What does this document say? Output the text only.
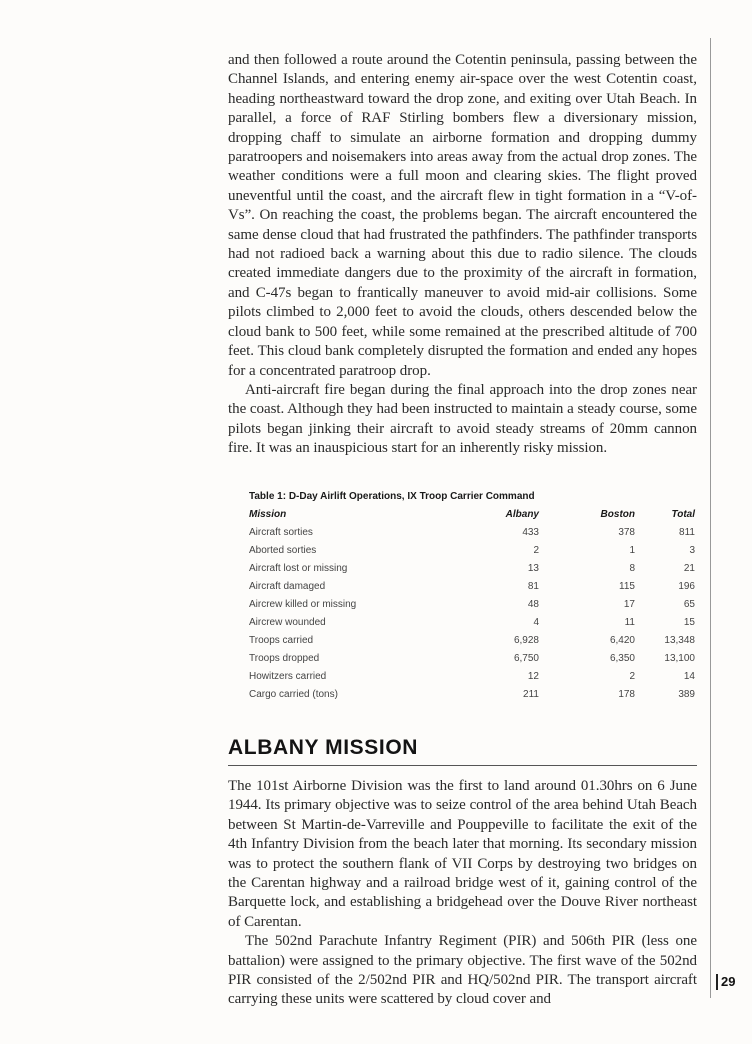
and then followed a route around the Cotentin peninsula, passing between the Channel Islands, and entering enemy air-space over the west Cotentin coast, heading northeastward toward the drop zone, and exiting over Utah Beach. In parallel, a force of RAF Stirling bombers flew a diversionary mission, dropping chaff to simulate an airborne formation and dropping dummy paratroopers and noisemakers into areas away from the actual drop zones. The weather conditions were a full moon and clearing skies. The flight proved uneventful until the coast, and the aircraft flew in tight formation in a “V-of-Vs”. On reaching the coast, the problems began. The aircraft encountered the same dense cloud that had frustrated the pathfinders. The pathfinder transports had not radioed back a warning about this due to radio silence. The clouds created immediate dangers due to the proximity of the aircraft in formation, and C-47s began to frantically maneuver to avoid mid-air collisions. Some pilots climbed to 2,000 feet to avoid the clouds, others descended below the cloud bank to 500 feet, while some remained at the prescribed altitude of 700 feet. This cloud bank completely disrupted the formation and ended any hopes for a concentrated paratroop drop.

Anti-aircraft fire began during the final approach into the drop zones near the coast. Although they had been instructed to maintain a steady course, some pilots began jinking their aircraft to avoid steady streams of 20mm cannon fire. It was an inauspicious start for an inherently risky mission.

Table 1: D-Day Airlift Operations, IX Troop Carrier Command

Mission	Albany	Boston	Total
Aircraft sorties	433	378	811
Aborted sorties	2	1	3
Aircraft lost or missing	13	8	21
Aircraft damaged	81	115	196
Aircrew killed or missing	48	17	65
Aircrew wounded	4	11	15
Troops carried	6,928	6,420	13,348
Troops dropped	6,750	6,350	13,100
Howitzers carried	12	2	14
Cargo carried (tons)	211	178	389
ALBANY MISSION

The 101st Airborne Division was the first to land around 01.30hrs on 6 June 1944. Its primary objective was to seize control of the area behind Utah Beach between St Martin-de-Varreville and Pouppeville to facilitate the exit of the 4th Infantry Division from the beach later that morning. Its secondary mission was to protect the southern flank of VII Corps by destroying two bridges on the Carentan highway and a railroad bridge west of it, gaining control of the Barquette lock, and establishing a bridgehead over the Douve River northeast of Carentan.

The 502nd Parachute Infantry Regiment (PIR) and 506th PIR (less one battalion) were assigned to the primary objective. The first wave of the 502nd PIR consisted of the 2/502nd PIR and HQ/502nd PIR. The transport aircraft carrying these units were scattered by cloud cover and

29
